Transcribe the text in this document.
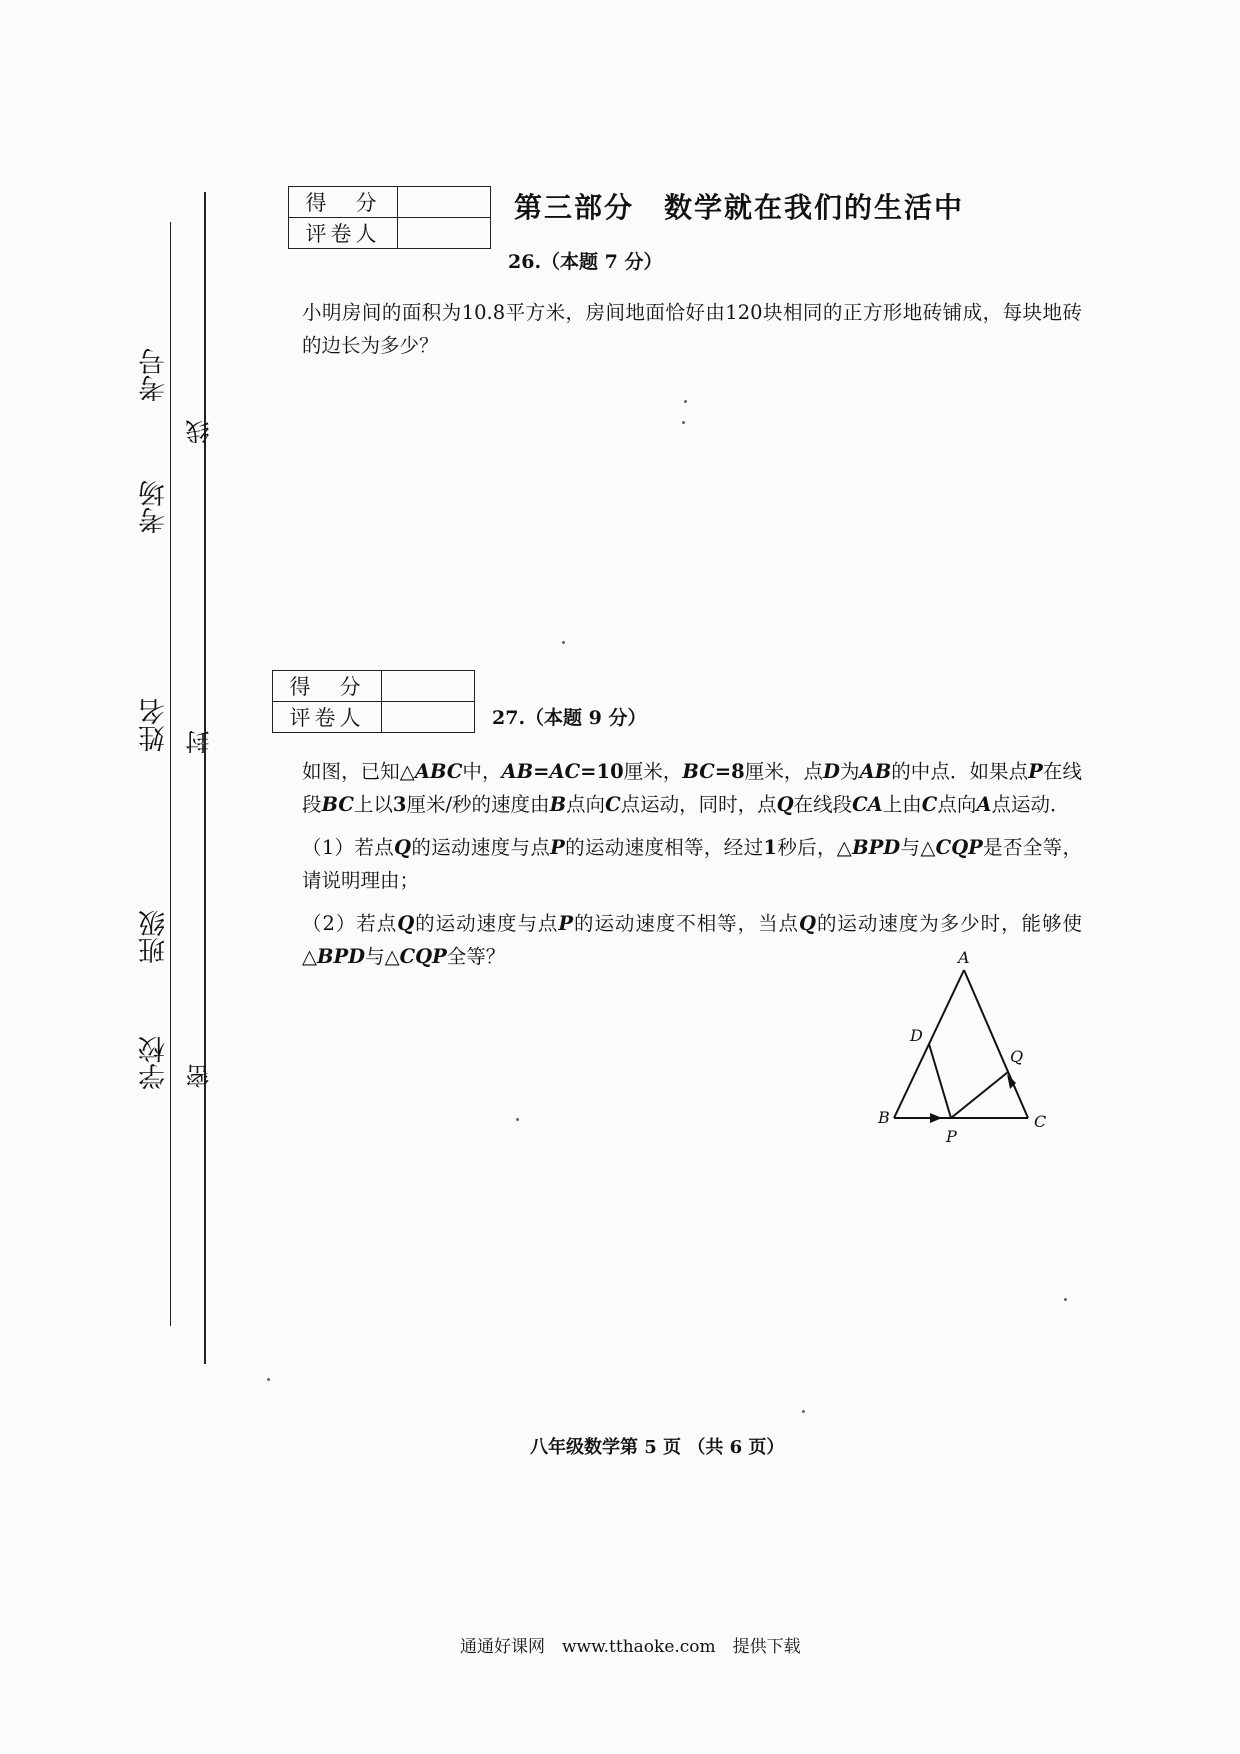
考号
考场
姓名
班级
学校
线
封
密
得　分	
评卷人	
第三部分　数学就在我们的生活中
26.（本题 7 分）
小明房间的面积为10.8平方米，房间地面恰好由120块相同的正方形地砖铺成，每块地砖的边长为多少？
得　分	
评卷人		27.（本题 9 分）
如图，已知△ABC中，AB=AC=10厘米，BC=8厘米，点D为AB的中点．如果点P在线段BC上以3厘米/秒的速度由B点向C点运动，同时，点Q在线段CA上由C点向A点运动．
（1）若点Q的运动速度与点P的运动速度相等，经过1秒后，△BPD与△CQP是否全等，请说明理由；
（2）若点Q的运动速度与点P的运动速度不相等，当点Q的运动速度为多少时，能够使△BPD与△CQP全等？	A
D
Q
B
P
C
八年级数学第 5 页 （共 6 页）
通通好课网　www.tthaoke.com　提供下载
